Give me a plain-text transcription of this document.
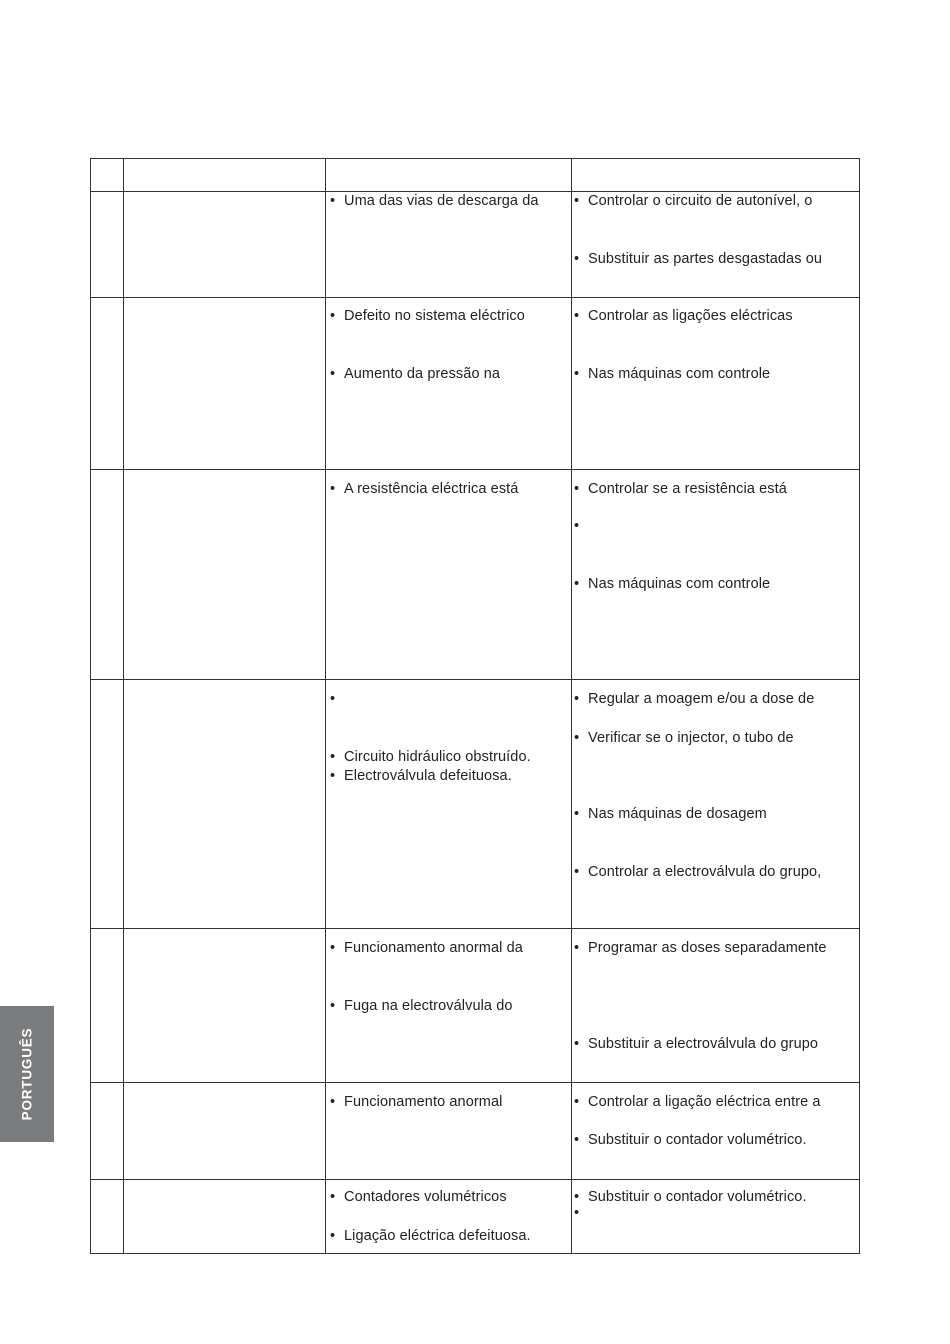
• Uma das vias de descarga da • Controlar o circuito de autonível, o
• Substituir as partes desgastadas ou
• Defeito no sistema eléctrico
• Aumento da pressão na
• Controlar as ligações eléctricas
• Nas máquinas com controle
• A resistência eléctrica está	• Controlar se a resistência está
•
• Nas máquinas com controle
•
• Circuito hidráulico obstruído.
• Electroválvula defeituosa.
• Regular a moagem e/ou a dose de
• Verificar se o injector, o tubo de
• Nas máquinas de dosagem
• Controlar a electroválvula do grupo,
• Funcionamento anormal da
• Fuga na electroválvula do
• Programar as doses separadamente
• Substituir a electroválvula do grupo
• Funcionamento anormal	• Controlar a ligação eléctrica entre a
• Substituir o contador volumétrico.
• Contadores volumétricos
• Ligação eléctrica defeituosa.
• Substituir o contador volumétrico.
•
PORTUGUÊS
